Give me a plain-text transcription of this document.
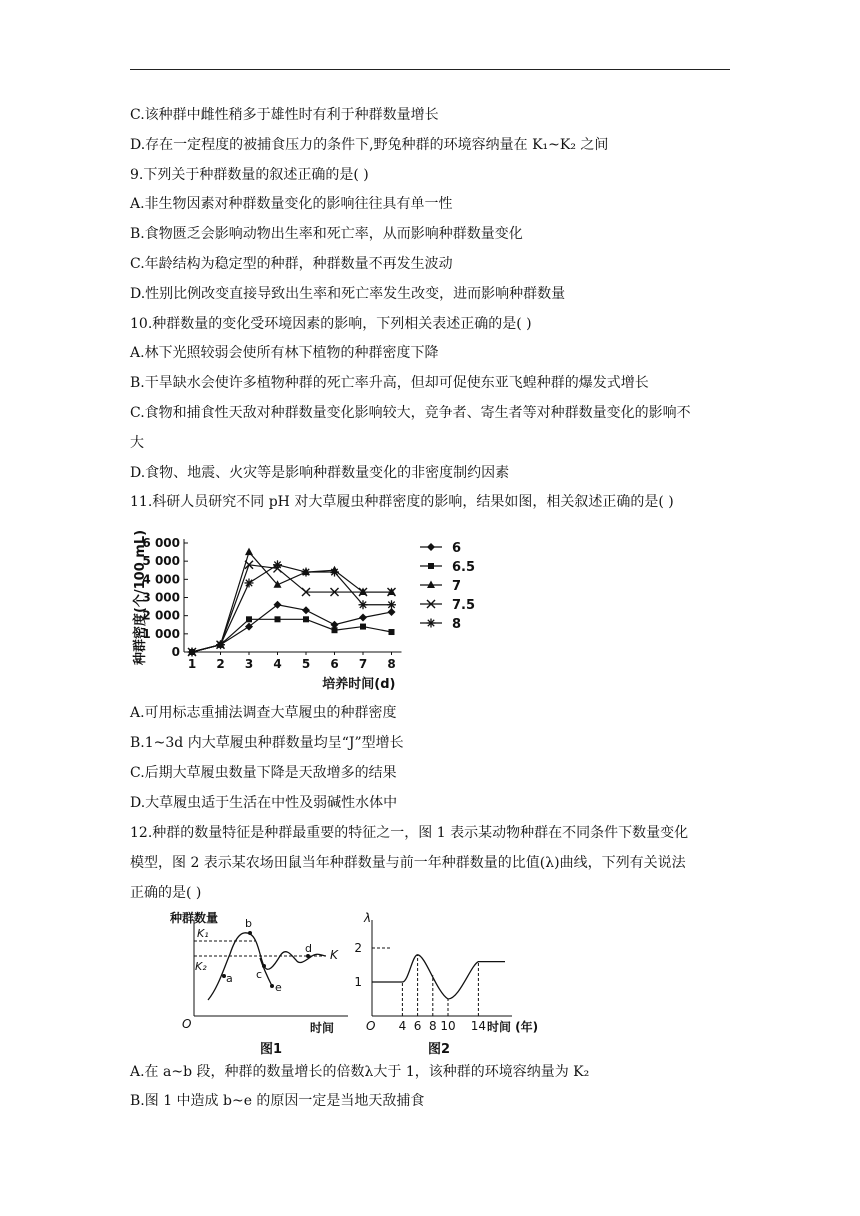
C.该种群中雌性稍多于雄性时有利于种群数量增长
D.存在一定程度的被捕食压力的条件下,野兔种群的环境容纳量在 K₁~K₂ 之间
9.下列关于种群数量的叙述正确的是( )
A.非生物因素对种群数量变化的影响往往具有单一性
B.食物匮乏会影响动物出生率和死亡率，从而影响种群数量变化
C.年龄结构为稳定型的种群，种群数量不再发生波动
D.性别比例改变直接导致出生率和死亡率发生改变，进而影响种群数量
10.种群数量的变化受环境因素的影响，下列相关表述正确的是( )
A.林下光照较弱会使所有林下植物的种群密度下降
B.干旱缺水会使许多植物种群的死亡率升高，但却可促使东亚飞蝗种群的爆发式增长
C.食物和捕食性天敌对种群数量变化影响较大，竞争者、寄生者等对种群数量变化的影响不
大
D.食物、地震、火灾等是影响种群数量变化的非密度制约因素
11.科研人员研究不同 pH 对大草履虫种群密度的影响，结果如图，相关叙述正确的是( )
0
1 000
2 000
3 000
4 000
5 000
6 000
1 2 3 4 5 6 7 8
培养时间(d)
种群密度(个/100 mL)	6
6.5
7
7.5
8
A.可用标志重捕法调查大草履虫的种群密度
B.1~3d 内大草履虫种群数量均呈“J”型增长
C.后期大草履虫数量下降是天敌增多的结果
D.大草履虫适于生活在中性及弱碱性水体中
12.种群的数量特征是种群最重要的特征之一，图 1 表示某动物种群在不同条件下数量变化
模型，图 2 表示某农场田鼠当年种群数量与前一年种群数量的比值(λ)曲线，下列有关说法
正确的是( )
种群数量
O	时间
图1
K₁
K₂
K
a
b
c
d
e
λ
O	时间 (年)
图2
1
2
4 6 8 10 14
A.在 a~b 段，种群的数量增长的倍数λ大于 1，该种群的环境容纳量为 K₂
B.图 1 中造成 b~e 的原因一定是当地天敌捕食
